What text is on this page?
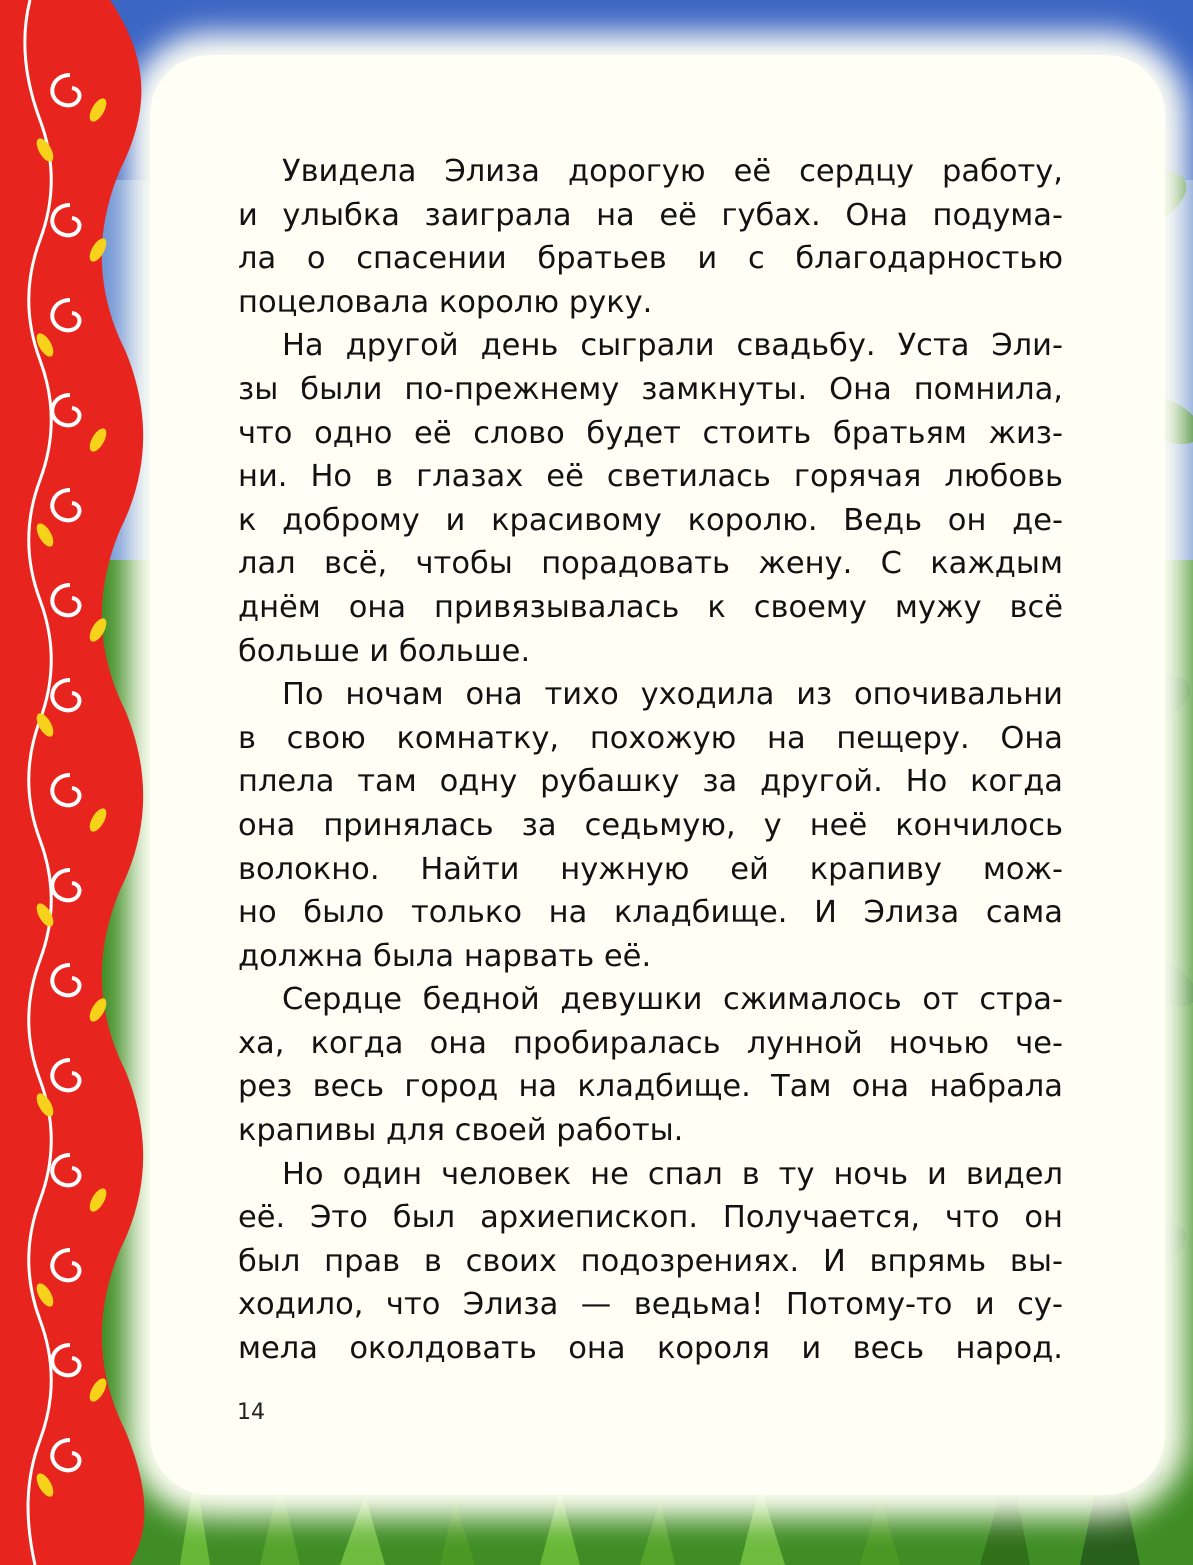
Увидела Элиза дорогую её сердцу работу,
и улыбка заиграла на её губах. Она подума-
ла о спасении братьев и с благодарностью
поцеловала королю руку.
На другой день сыграли свадьбу. Уста Эли-
зы были по-прежнему замкнуты. Она помнила,
что одно её слово будет стоить братьям жиз-
ни. Но в глазах её светилась горячая любовь
к доброму и красивому королю. Ведь он де-
лал всё, чтобы порадовать жену. С каждым
днём она привязывалась к своему мужу всё
больше и больше.
По ночам она тихо уходила из опочивальни
в свою комнатку, похожую на пещеру. Она
плела там одну рубашку за другой. Но когда
она принялась за седьмую, у неё кончилось
волокно. Найти нужную ей крапиву мож-
но было только на кладбище. И Элиза сама
должна была нарвать её.
Сердце бедной девушки сжималось от стра-
ха, когда она пробиралась лунной ночью че-
рез весь город на кладбище. Там она набрала
крапивы для своей работы.
Но один человек не спал в ту ночь и видел
её. Это был архиепископ. Получается, что он
был прав в своих подозрениях. И впрямь вы-
ходило, что Элиза — ведьма! Потому-то и су-
мела околдовать она короля и весь народ.
14
